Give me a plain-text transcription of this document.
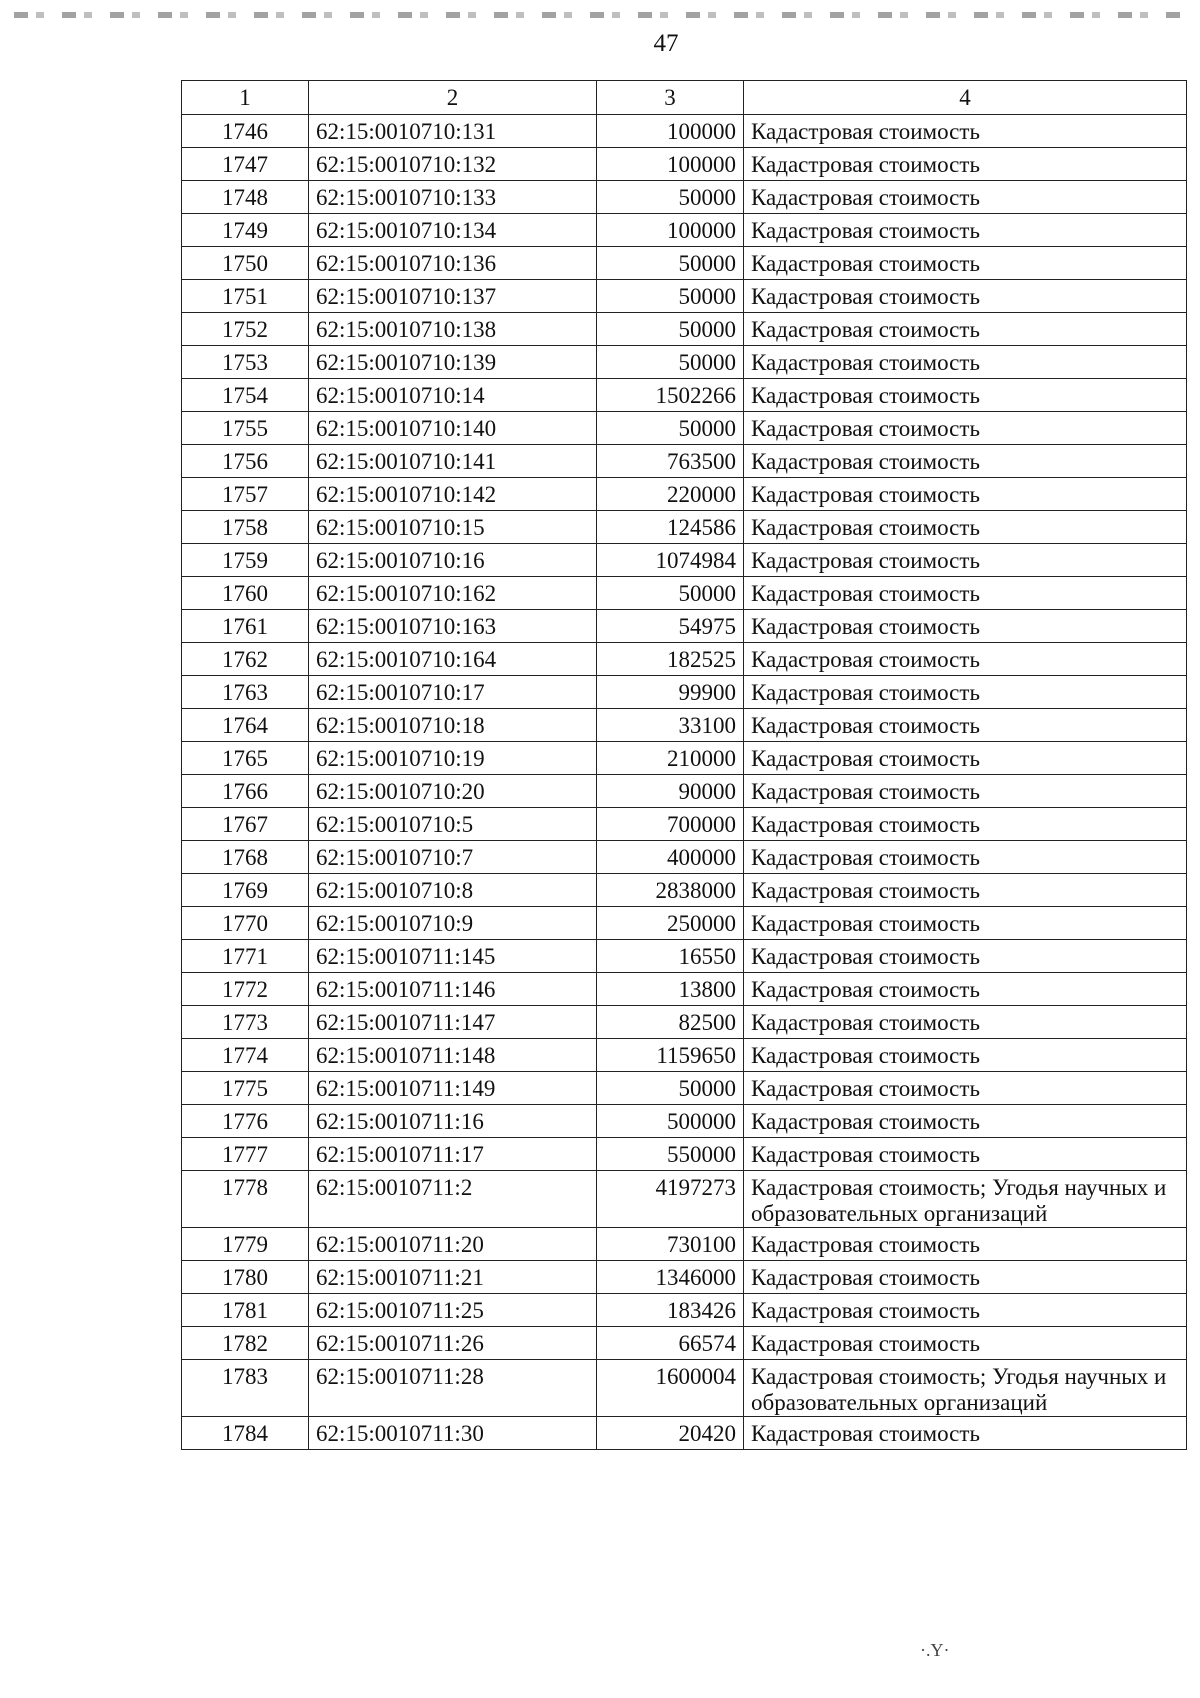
47
1	2	3	4
1746	62:15:0010710:131	100000	Кадастровая стоимость
1747	62:15:0010710:132	100000	Кадастровая стоимость
1748	62:15:0010710:133	50000	Кадастровая стоимость
1749	62:15:0010710:134	100000	Кадастровая стоимость
1750	62:15:0010710:136	50000	Кадастровая стоимость
1751	62:15:0010710:137	50000	Кадастровая стоимость
1752	62:15:0010710:138	50000	Кадастровая стоимость
1753	62:15:0010710:139	50000	Кадастровая стоимость
1754	62:15:0010710:14	1502266	Кадастровая стоимость
1755	62:15:0010710:140	50000	Кадастровая стоимость
1756	62:15:0010710:141	763500	Кадастровая стоимость
1757	62:15:0010710:142	220000	Кадастровая стоимость
1758	62:15:0010710:15	124586	Кадастровая стоимость
1759	62:15:0010710:16	1074984	Кадастровая стоимость
1760	62:15:0010710:162	50000	Кадастровая стоимость
1761	62:15:0010710:163	54975	Кадастровая стоимость
1762	62:15:0010710:164	182525	Кадастровая стоимость
1763	62:15:0010710:17	99900	Кадастровая стоимость
1764	62:15:0010710:18	33100	Кадастровая стоимость
1765	62:15:0010710:19	210000	Кадастровая стоимость
1766	62:15:0010710:20	90000	Кадастровая стоимость
1767	62:15:0010710:5	700000	Кадастровая стоимость
1768	62:15:0010710:7	400000	Кадастровая стоимость
1769	62:15:0010710:8	2838000	Кадастровая стоимость
1770	62:15:0010710:9	250000	Кадастровая стоимость
1771	62:15:0010711:145	16550	Кадастровая стоимость
1772	62:15:0010711:146	13800	Кадастровая стоимость
1773	62:15:0010711:147	82500	Кадастровая стоимость
1774	62:15:0010711:148	1159650	Кадастровая стоимость
1775	62:15:0010711:149	50000	Кадастровая стоимость
1776	62:15:0010711:16	500000	Кадастровая стоимость
1777	62:15:0010711:17	550000	Кадастровая стоимость
1778	62:15:0010711:2	4197273	Кадастровая стоимость; Угодья научных и образовательных организаций
1779	62:15:0010711:20	730100	Кадастровая стоимость
1780	62:15:0010711:21	1346000	Кадастровая стоимость
1781	62:15:0010711:25	183426	Кадастровая стоимость
1782	62:15:0010711:26	66574	Кадастровая стоимость
1783	62:15:0010711:28	1600004	Кадастровая стоимость; Угодья научных и образовательных организаций
1784	62:15:0010711:30	20420	Кадастровая стоимость
·.Y·
